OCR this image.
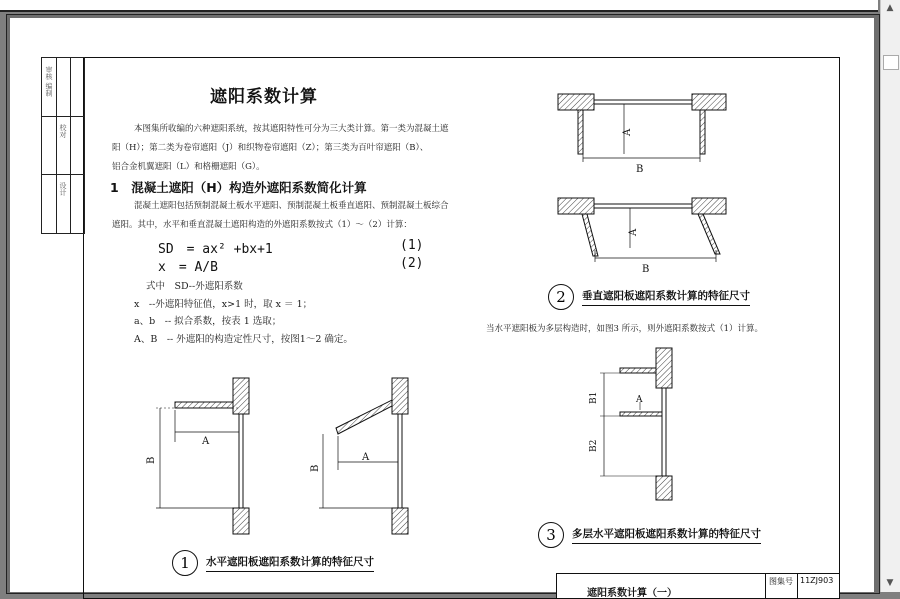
▲
▼
审核 编制
校对
设计
遮阳系数计算
本图集所收编的六种遮阳系统，按其遮阳特性可分为三大类计算。第一类为混凝土遮
阳（H）；第二类为卷帘遮阳（J）和织物卷帘遮阳（Z）；第三类为百叶帘遮阳（B）、
铝合金机翼遮阳（L）和格栅遮阳（G）。
1　混凝土遮阳（H）构造外遮阳系数简化计算
混凝土遮阳包括预制混凝土板水平遮阳、预制混凝土板垂直遮阳、预制混凝土板综合
遮阳。其中，水平和垂直混凝土遮阳构造的外遮阳系数按式（1）～（2）计算：
SD　= ax² +bx+1	(1)
x　= A/B	(2)
式中　SD--外遮阳系数
x　--外遮阳特征值，x>1 时，取 x ＝ 1；
a、b　-- 拟合系数，按表 1 选取；
A、B　-- 外遮阳的构造定性尺寸，按图1～2 确定。
A
B	A
B
1	水平遮阳板遮阳系数计算的特征尺寸
A
B
A
B
2	垂直遮阳板遮阳系数计算的特征尺寸
当水平遮阳板为多层构造时，如图3 所示，则外遮阳系数按式（1）计算。
A
B1
B2
3	多层水平遮阳板遮阳系数计算的特征尺寸
遮阳系数计算（一）
图集号 11ZJ903
